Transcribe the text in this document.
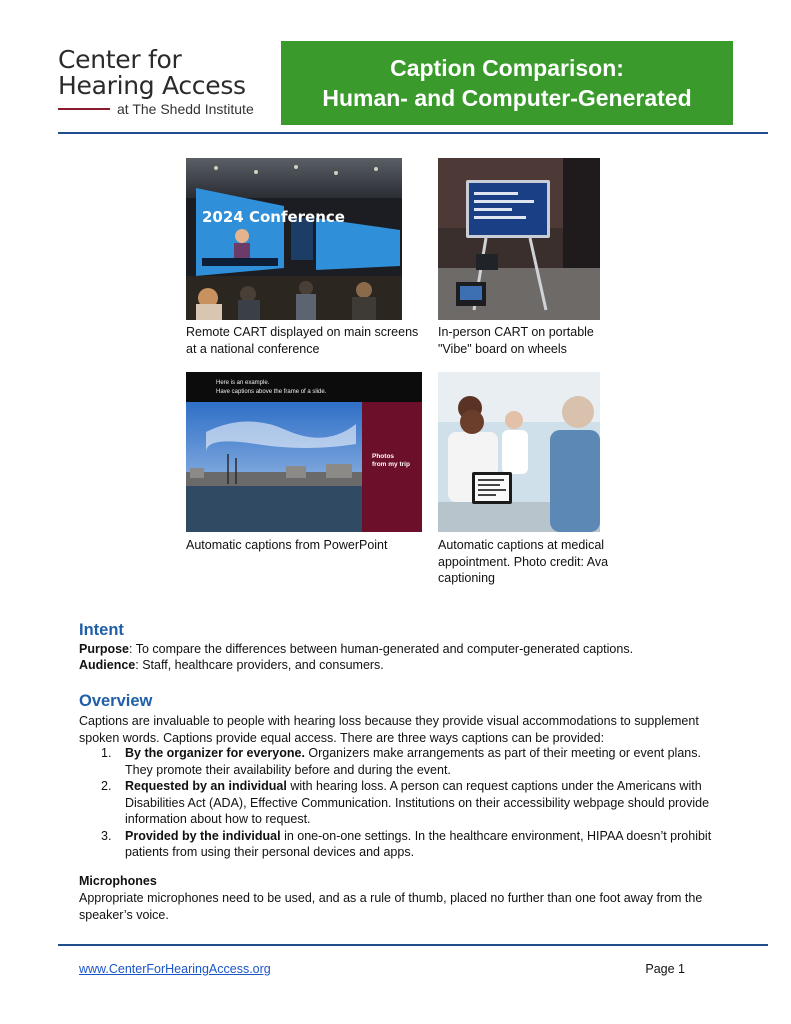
Center for
Hearing Access
at The Shedd Institute
Caption Comparison:
Human- and Computer-Generated
2024 Conference
Remote CART displayed on main screens at a national conference
In-person CART on portable "Vibe" board on wheels
Here is an example.
Have captions above the frame of a slide.
Photos
from my trip
Automatic captions from PowerPoint	Automatic captions at medical appointment. Photo credit: Ava captioning
Intent
Purpose: To compare the differences between human-generated and computer-generated captions.
Audience: Staff, healthcare providers, and consumers.
Overview
Captions are invaluable to people with hearing loss because they provide visual accommodations to supplement spoken words. Captions provide equal access. There are three ways captions can be provided:
1. By the organizer for everyone. Organizers make arrangements as part of their meeting or event plans. They promote their availability before and during the event.
2. Requested by an individual with hearing loss. A person can request captions under the Americans with Disabilities Act (ADA), Effective Communication. Institutions on their accessibility webpage should provide information about how to request.
3. Provided by the individual in one-on-one settings. In the healthcare environment, HIPAA doesn’t prohibit patients from using their personal devices and apps.
Microphones
Appropriate microphones need to be used, and as a rule of thumb, placed no further than one foot away from the speaker’s voice.
www.CenterForHearingAccess.org	Page 1
